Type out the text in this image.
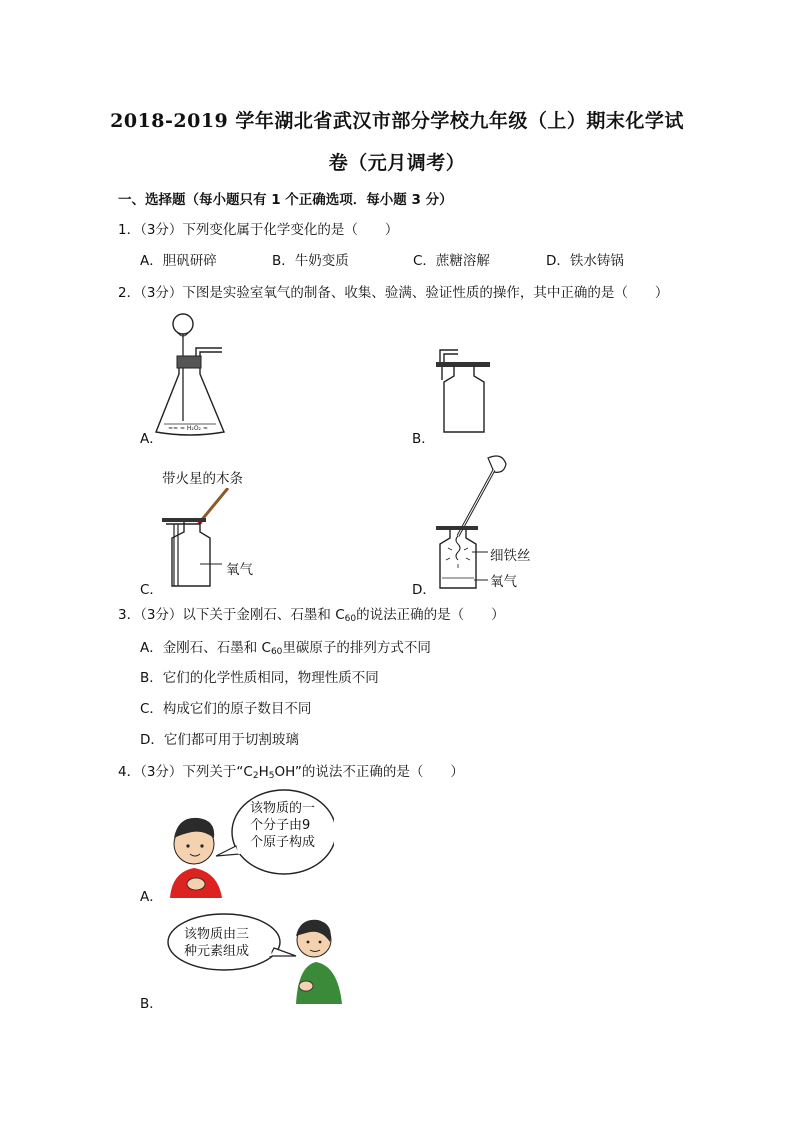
2018-2019 学年湖北省武汉市部分学校九年级（上）期末化学试
卷（元月调考）
一、选择题（每小题只有 1 个正确选项．每小题 3 分）
1．（3分）下列变化属于化学变化的是（　　）
A．胆矾研碎	B．牛奶变质	C．蔗糖溶解	D．铁水铸锅
2．（3分）下图是实验室氧气的制备、收集、验满、验证性质的操作，其中正确的是（　　）
≈≈ ≈ H₂O₂ ≈
A．	B．
带火星的木条
氧气
C．
细铁丝
氧气
D．
3．（3分）以下关于金刚石、石墨和 $C_{60}$的说法正确的是（　　）
A．金刚石、石墨和 $C_{60}$里碳原子的排列方式不同
B．它们的化学性质相同，物理性质不同
C．构成它们的原子数目不同
D．它们都可用于切割玻璃
4．（3分）下列关于“$C_2H_5OH$”的说法不正确的是（　　）
该物质的一
个分子由9
个原子构成
A．
该物质由三
种元素组成
B．
